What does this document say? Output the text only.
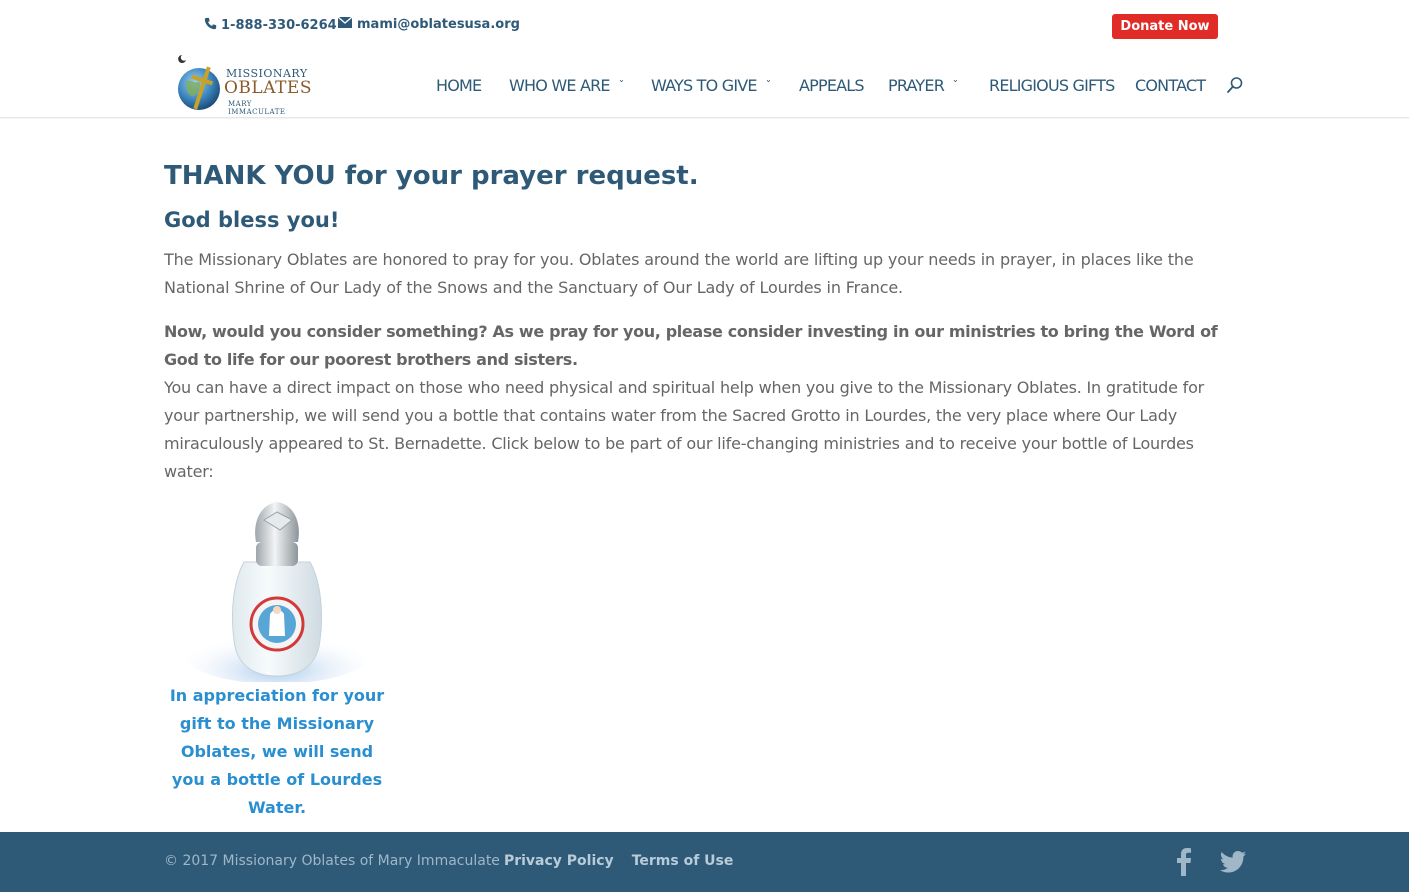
1-888-330-6264 mami@oblatesusa.org	Donate Now
MISSIONARY
OBLATES
MARY IMMACULATE
HOME WHO WE ARE ˅ WAYS TO GIVE ˅ APPEALS PRAYER ˅ RELIGIOUS GIFTS CONTACT
THANK YOU for your prayer request.
God bless you!

The Missionary Oblates are honored to pray for you. Oblates around the world are lifting up your needs in prayer, in places like the National Shrine of Our Lady of the Snows and the Sanctuary of Our Lady of Lourdes in France.

Now, would you consider something? As we pray for you, please consider investing in our ministries to bring the Word of God to life for our poorest brothers and sisters.

You can have a direct impact on those who need physical and spiritual help when you give to the Missionary Oblates. In gratitude for your partnership, we will send you a bottle that contains water from the Sacred Grotto in Lourdes, the very place where Our Lady miraculously appeared to St. Bernadette. Click below to be part of our life-changing ministries and to receive your bottle of Lourdes water:

In appreciation for your gift to the Missionary Oblates, we will send you a bottle of Lourdes Water.
© 2017 Missionary Oblates of Mary Immaculate Privacy Policy Terms of Use
